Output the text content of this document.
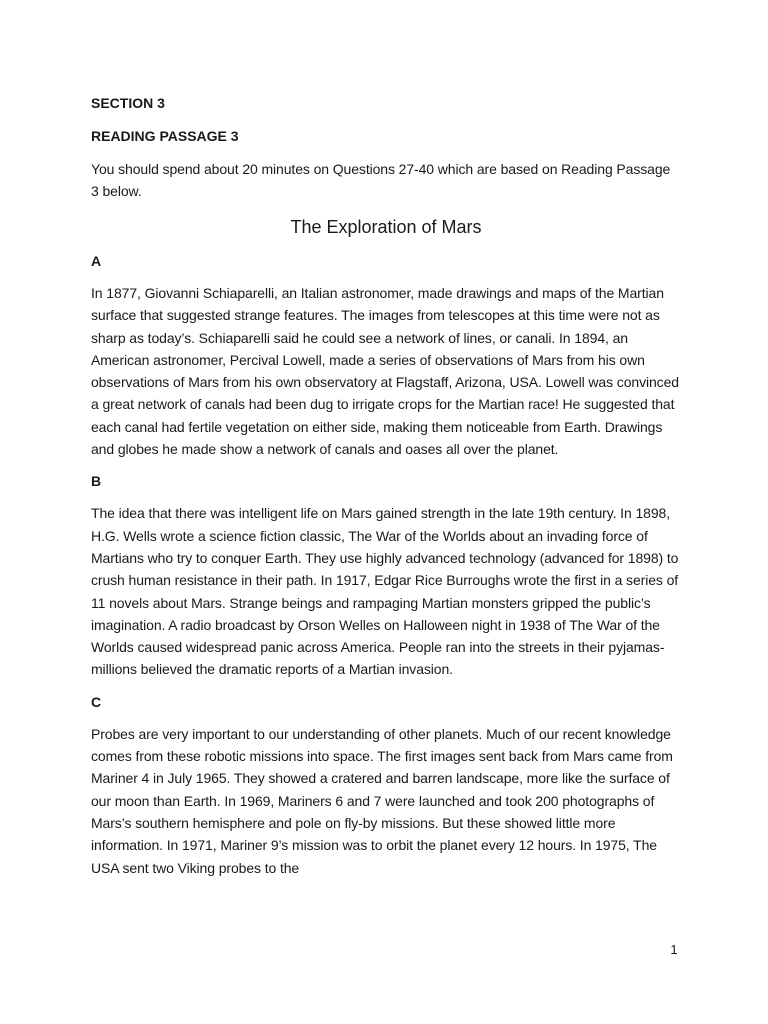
SECTION 3

READING PASSAGE 3

You should spend about 20 minutes on Questions 27-40 which are based on Reading Passage 3 below.

The Exploration of Mars

A

In 1877, Giovanni Schiaparelli, an Italian astronomer, made drawings and maps of the Martian surface that suggested strange features. The images from telescopes at this time were not as sharp as today’s. Schiaparelli said he could see a network of lines, or canali. In 1894, an American astronomer, Percival Lowell, made a series of observations of Mars from his own observations of Mars from his own observatory at Flagstaff, Arizona, USA. Lowell was convinced a great network of canals had been dug to irrigate crops for the Martian race! He suggested that each canal had fertile vegetation on either side, making them noticeable from Earth. Drawings and globes he made show a network of canals and oases all over the planet.

B

The idea that there was intelligent life on Mars gained strength in the late 19th century. In 1898, H.G. Wells wrote a science fiction classic, The War of the Worlds about an invading force of Martians who try to conquer Earth. They use highly advanced technology (advanced for 1898) to crush human resistance in their path. In 1917, Edgar Rice Burroughs wrote the first in a series of 11 novels about Mars. Strange beings and rampaging Martian monsters gripped the public’s imagination. A radio broadcast by Orson Welles on Halloween night in 1938 of The War of the Worlds caused widespread panic across America. People ran into the streets in their pyjamas-millions believed the dramatic reports of a Martian invasion.

C

Probes are very important to our understanding of other planets. Much of our recent knowledge comes from these robotic missions into space. The first images sent back from Mars came from Mariner 4 in July 1965. They showed a cratered and barren landscape, more like the surface of our moon than Earth. In 1969, Mariners 6 and 7 were launched and took 200 photographs of Mars’s southern hemisphere and pole on fly-by missions. But these showed little more information. In 1971, Mariner 9’s mission was to orbit the planet every 12 hours. In 1975, The USA sent two Viking probes to the

1
